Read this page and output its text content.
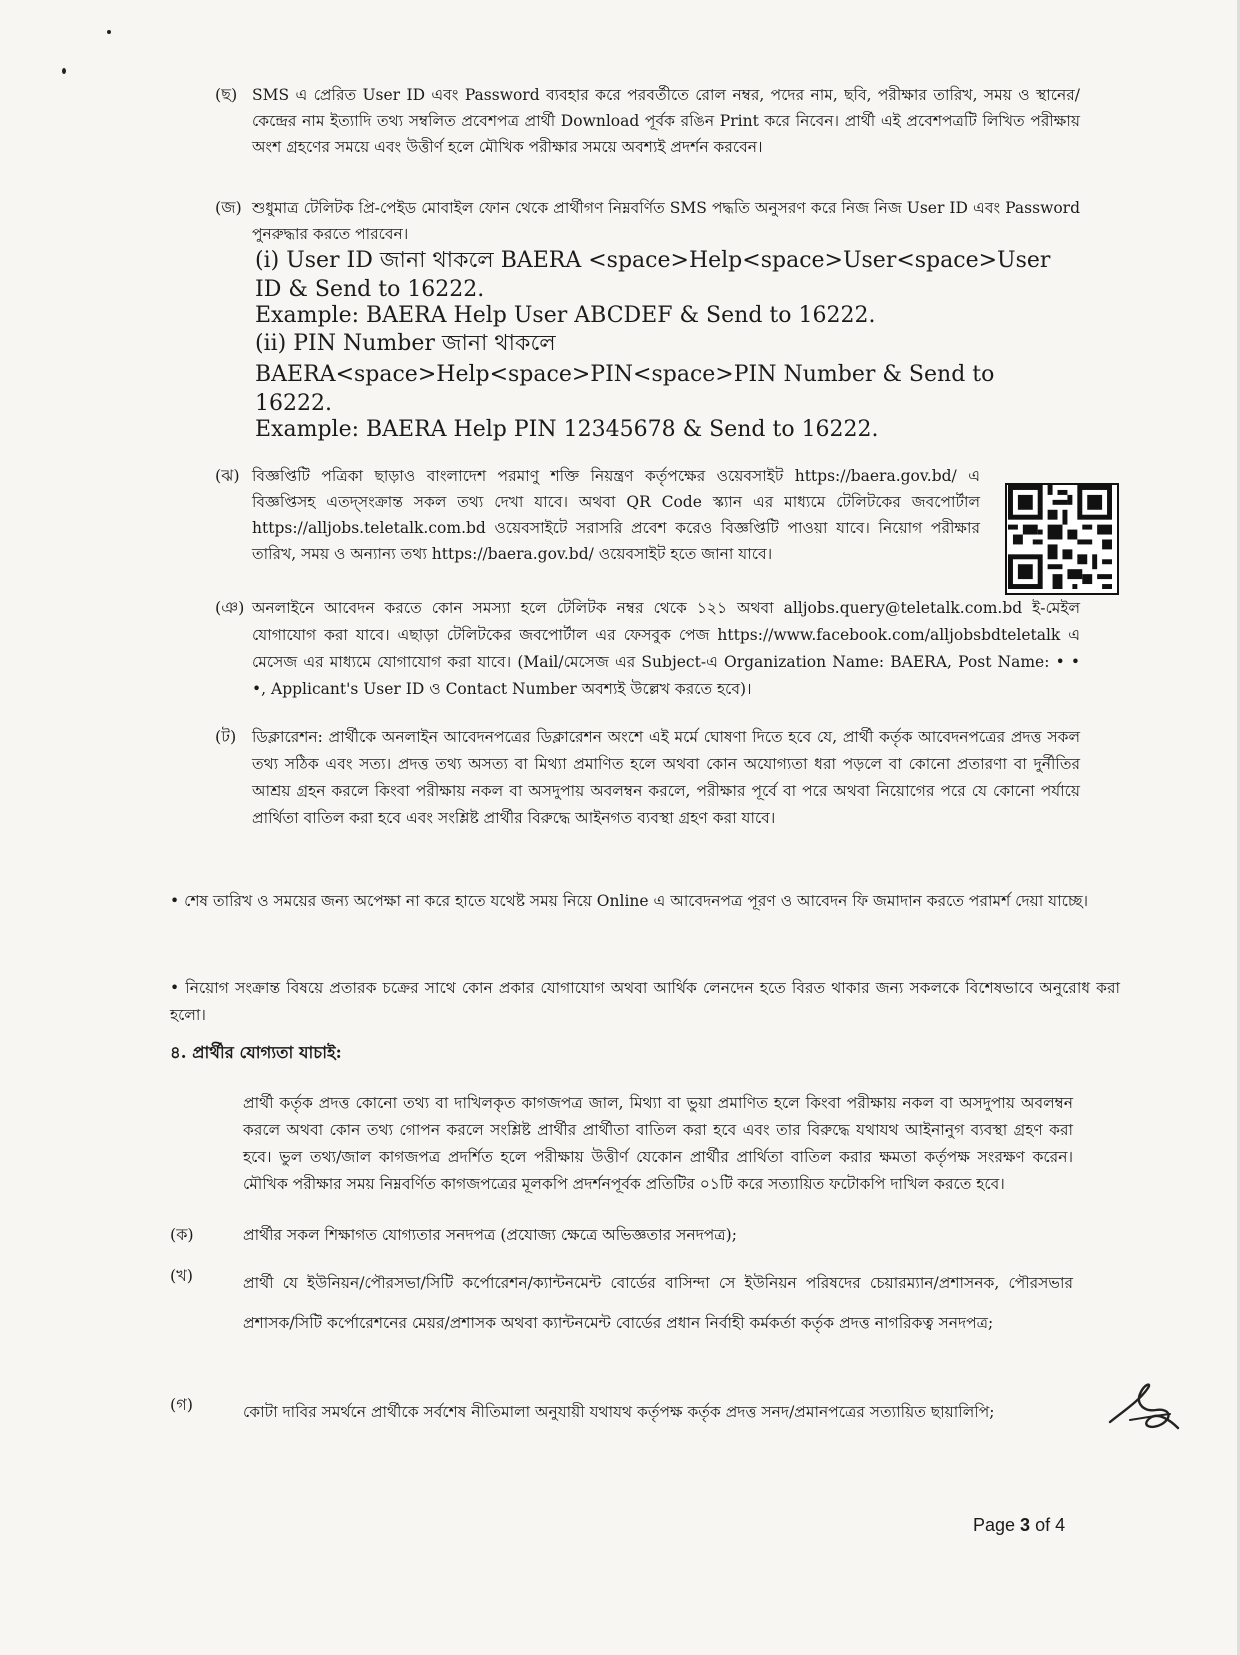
(ছ) SMS এ প্রেরিত User ID এবং Password ব্যবহার করে পরবর্তীতে রোল নম্বর, পদের নাম, ছবি, পরীক্ষার তারিখ, সময় ও স্থানের/কেন্দ্রের নাম ইত্যাদি তথ্য সম্বলিত প্রবেশপত্র প্রার্থী Download পূর্বক রঙিন Print করে নিবেন। প্রার্থী এই প্রবেশপত্রটি লিখিত পরীক্ষায় অংশ গ্রহণের সময়ে এবং উত্তীর্ণ হলে মৌখিক পরীক্ষার সময়ে অবশ্যই প্রদর্শন করবেন।
(জ) শুধুমাত্র টেলিটক প্রি-পেইড মোবাইল ফোন থেকে প্রার্থীগণ নিম্নবর্ণিত SMS পদ্ধতি অনুসরণ করে নিজ নিজ User ID এবং Password পুনরুদ্ধার করতে পারবেন।
(i) User ID জানা থাকলে BAERA <space>Help<space>User<space>User ID & Send to 16222.
Example: BAERA Help User ABCDEF & Send to 16222.
(ii) PIN Number জানা থাকলে
BAERA<space>Help<space>PIN<space>PIN Number & Send to 16222.
Example: BAERA Help PIN 12345678 & Send to 16222.
(ঝ) বিজ্ঞপ্তিটি পত্রিকা ছাড়াও বাংলাদেশ পরমাণু শক্তি নিয়ন্ত্রণ কর্তৃপক্ষের ওয়েবসাইট https://baera.gov.bd/ এ বিজ্ঞপ্তিসহ এতদ্সংক্রান্ত সকল তথ্য দেখা যাবে। অথবা QR Code স্ক্যান এর মাধ্যমে টেলিটকের জবপোর্টাল https://alljobs.teletalk.com.bd ওয়েবসাইটে সরাসরি প্রবেশ করেও বিজ্ঞপ্তিটি পাওয়া যাবে। নিয়োগ পরীক্ষার তারিখ, সময় ও অন্যান্য তথ্য https://baera.gov.bd/ ওয়েবসাইট হতে জানা যাবে।
(ঞ) অনলাইনে আবেদন করতে কোন সমস্যা হলে টেলিটক নম্বর থেকে ১২১ অথবা alljobs.query@teletalk.com.bd ই-মেইল যোগাযোগ করা যাবে। এছাড়া টেলিটকের জবপোর্টাল এর ফেসবুক পেজ https://www.facebook.com/alljobsbdteletalk এ মেসেজ এর মাধ্যমে যোগাযোগ করা যাবে। (Mail/মেসেজ এর Subject-এ Organization Name: BAERA, Post Name: • • •, Applicant's User ID ও Contact Number অবশ্যই উল্লেখ করতে হবে)।
(ট) ডিক্লারেশন: প্রার্থীকে অনলাইন আবেদনপত্রের ডিক্লারেশন অংশে এই মর্মে ঘোষণা দিতে হবে যে, প্রার্থী কর্তৃক আবেদনপত্রের প্রদত্ত সকল তথ্য সঠিক এবং সত্য। প্রদত্ত তথ্য অসত্য বা মিথ্যা প্রমাণিত হলে অথবা কোন অযোগ্যতা ধরা পড়লে বা কোনো প্রতারণা বা দুর্নীতির আশ্রয় গ্রহন করলে কিংবা পরীক্ষায় নকল বা অসদুপায় অবলম্বন করলে, পরীক্ষার পূর্বে বা পরে অথবা নিয়োগের পরে যে কোনো পর্যায়ে প্রার্থিতা বাতিল করা হবে এবং সংশ্লিষ্ট প্রার্থীর বিরুদ্ধে আইনগত ব্যবস্থা গ্রহণ করা যাবে।
• শেষ তারিখ ও সময়ের জন্য অপেক্ষা না করে হাতে যথেষ্ট সময় নিয়ে Online এ আবেদনপত্র পূরণ ও আবেদন ফি জমাদান করতে পরামর্শ দেয়া যাচ্ছে।
• নিয়োগ সংক্রান্ত বিষয়ে প্রতারক চক্রের সাথে কোন প্রকার যোগাযোগ অথবা আর্থিক লেনদেন হতে বিরত থাকার জন্য সকলকে বিশেষভাবে অনুরোধ করা হলো।
৪. প্রার্থীর যোগ্যতা যাচাই:
প্রার্থী কর্তৃক প্রদত্ত কোনো তথ্য বা দাখিলকৃত কাগজপত্র জাল, মিথ্যা বা ভুয়া প্রমাণিত হলে কিংবা পরীক্ষায় নকল বা অসদুপায় অবলম্বন করলে অথবা কোন তথ্য গোপন করলে সংশ্লিষ্ট প্রার্থীর প্রার্থীতা বাতিল করা হবে এবং তার বিরুদ্ধে যথাযথ আইনানুগ ব্যবস্থা গ্রহণ করা হবে। ভুল তথ্য/জাল কাগজপত্র প্রদর্শিত হলে পরীক্ষায় উত্তীর্ণ যেকোন প্রার্থীর প্রার্থিতা বাতিল করার ক্ষমতা কর্তৃপক্ষ সংরক্ষণ করেন। মৌখিক পরীক্ষার সময় নিম্নবর্ণিত কাগজপত্রের মূলকপি প্রদর্শনপূর্বক প্রতিটির ০১টি করে সত্যায়িত ফটোকপি দাখিল করতে হবে।
(ক)	প্রার্থীর সকল শিক্ষাগত যোগ্যতার সনদপত্র (প্রযোজ্য ক্ষেত্রে অভিজ্ঞতার সনদপত্র);
(খ)	প্রার্থী যে ইউনিয়ন/পৌরসভা/সিটি কর্পোরেশন/ক্যান্টনমেন্ট বোর্ডের বাসিন্দা সে ইউনিয়ন পরিষদের চেয়ারম্যান/প্রশাসনক, পৌরসভার প্রশাসক/সিটি কর্পোরেশনের মেয়র/প্রশাসক অথবা ক্যান্টনমেন্ট বোর্ডের প্রধান নির্বাহী কর্মকর্তা কর্তৃক প্রদত্ত নাগরিকত্ব সনদপত্র;
(গ)	কোটা দাবির সমর্থনে প্রার্থীকে সর্বশেষ নীতিমালা অনুযায়ী যথাযথ কর্তৃপক্ষ কর্তৃক প্রদত্ত সনদ/প্রমানপত্রের সত্যায়িত ছায়ালিপি;
Page 3 of 4
